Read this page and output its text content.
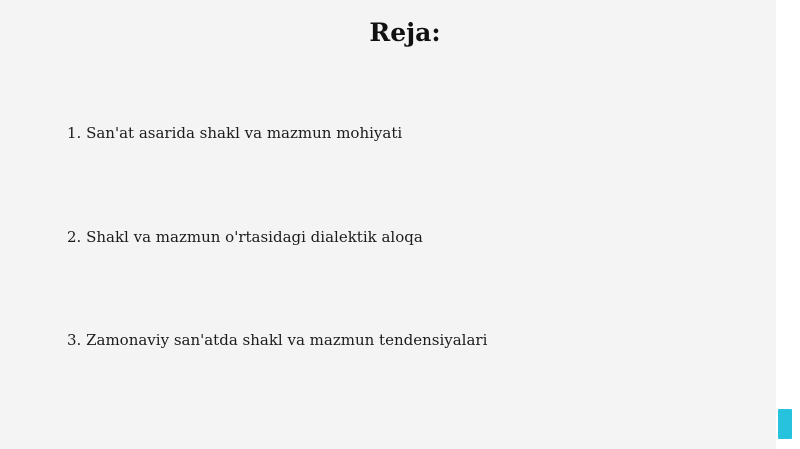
Reja:
1. San'at asarida shakl va mazmun mohiyati
2. Shakl va mazmun o'rtasidagi dialektik aloqa
3. Zamonaviy san'atda shakl va mazmun tendensiyalari
